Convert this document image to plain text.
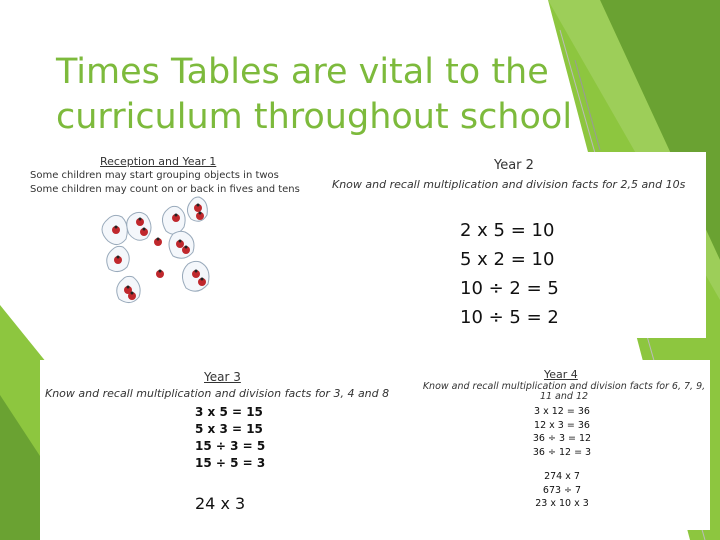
Times Tables are vital to the curriculum throughout school
Reception and Year 1
Some children may start grouping objects in twos
Some children may count on or back in fives and tens
Year 2
Know and recall multiplication and division facts for 2,5 and 10s
2 x 5 = 10
5 x 2 = 10
10 ÷ 2 = 5
10 ÷ 5 = 2
Year 3
Know and recall multiplication and division facts for 3, 4 and 8
3 x 5 = 15
5 x 3 = 15
15 ÷ 3 = 5
15 ÷ 5 = 3
24 x 3
Year 4
Know and recall multiplication and division facts for 6, 7, 9, 11 and 12
3 x 12 = 36
12 x 3 = 36
36 ÷ 3 = 12
36 ÷ 12 = 3
274 x 7
673 ÷ 7
23 x 10 x 3
